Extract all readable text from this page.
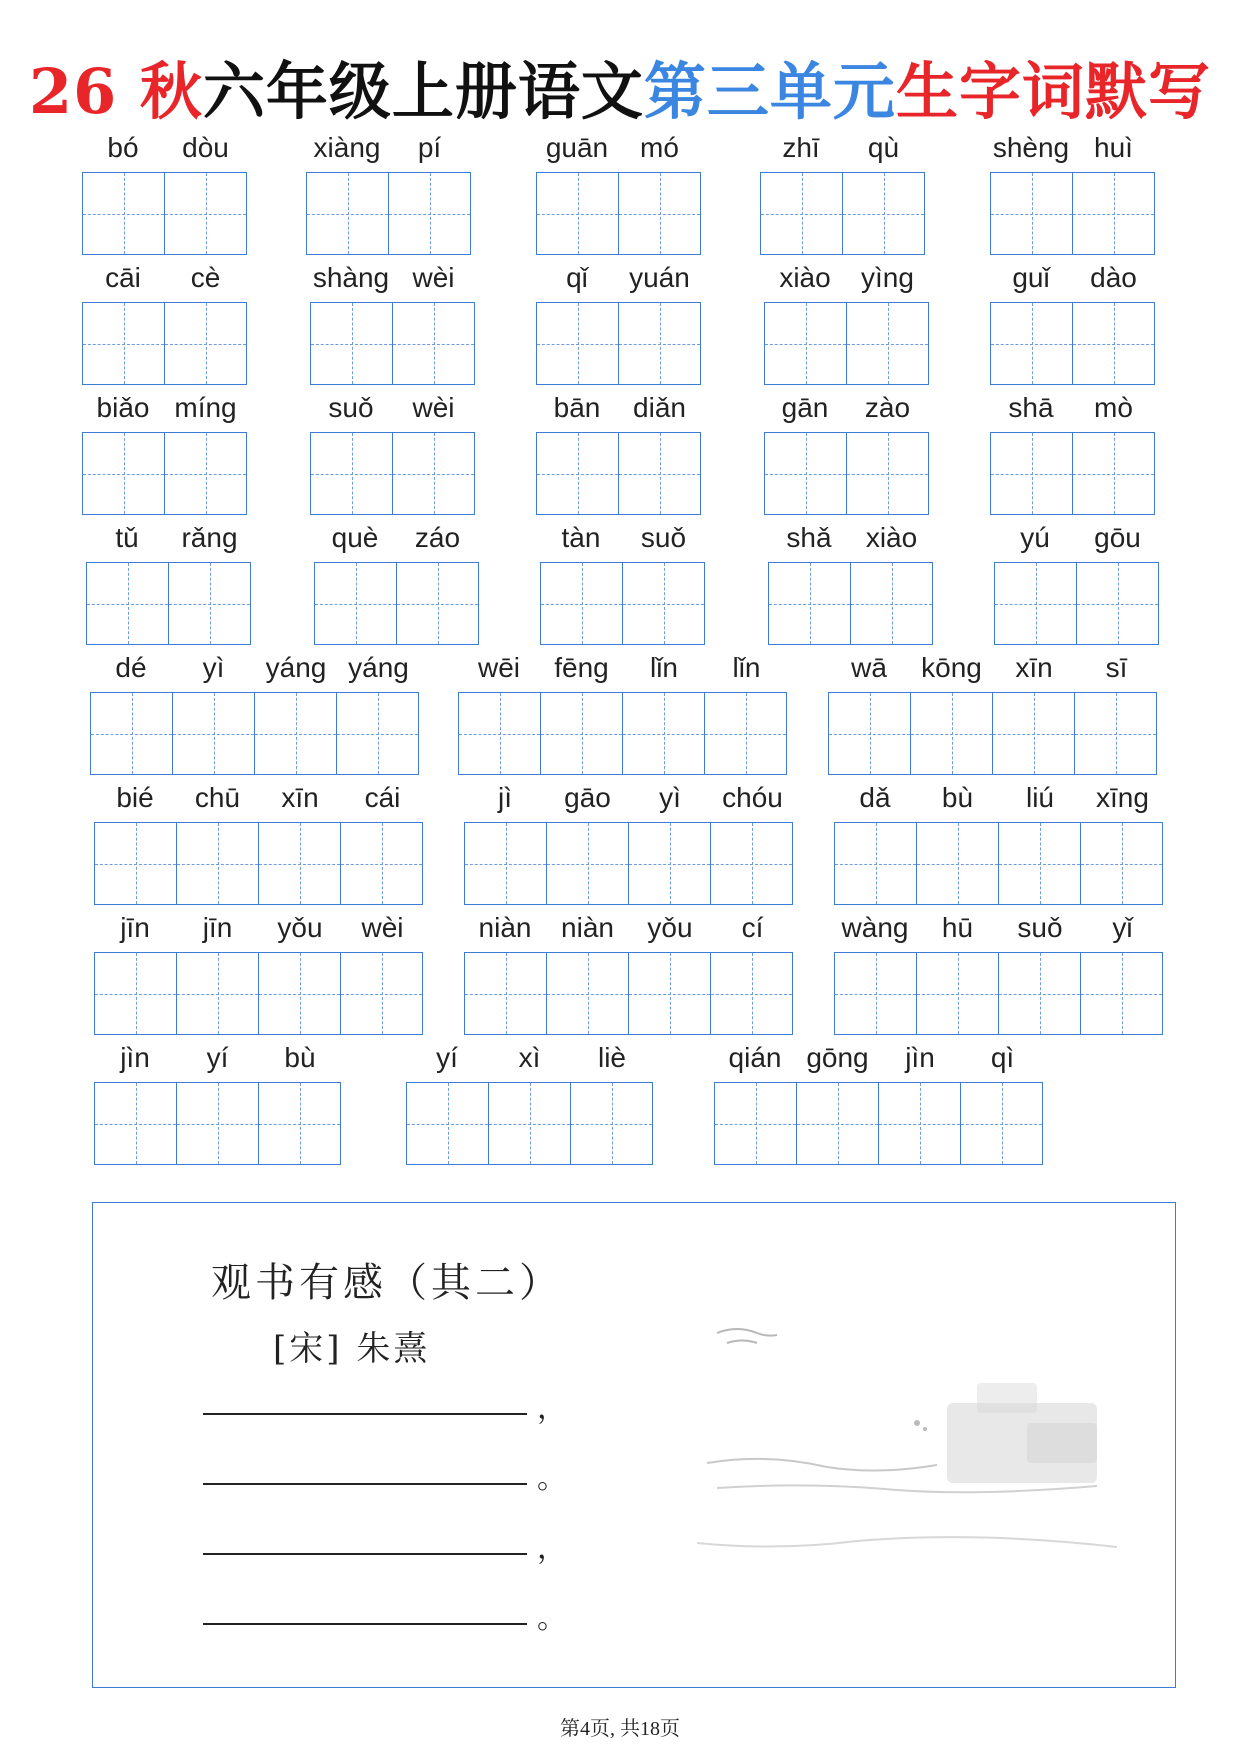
26 秋六年级上册语文第三单元生字词默写
bó	dòu	xiàng	pí	guān	mó	zhī	qù	shèng huì
cāi	cè	shàng wèi	qǐ	yuán	xiào	yìng	guǐ	dào
biǎo míng	suǒ	wèi	bān	diǎn	gān	zào	shā	mò
tǔ	rǎng	què	záo	tàn	suǒ	shǎ	xiào	yú	gōu
dé	yì	yáng yáng	wēi	fēng	lǐn	lǐn	wā	kōng	xīn	sī
bié	chū	xīn	cái	jì	gāo	yì	chóu	dǎ	bù	liú	xīng
jīn	jīn	yǒu	wèi	niàn	niàn	yǒu	cí	wàng	hū	suǒ	yǐ
jìn	yí	bù	yí	xì	liè	qián gōng	jìn	qì
观书有感（其二）
[宋] 朱熹
，
。
，
。
第4页, 共18页
